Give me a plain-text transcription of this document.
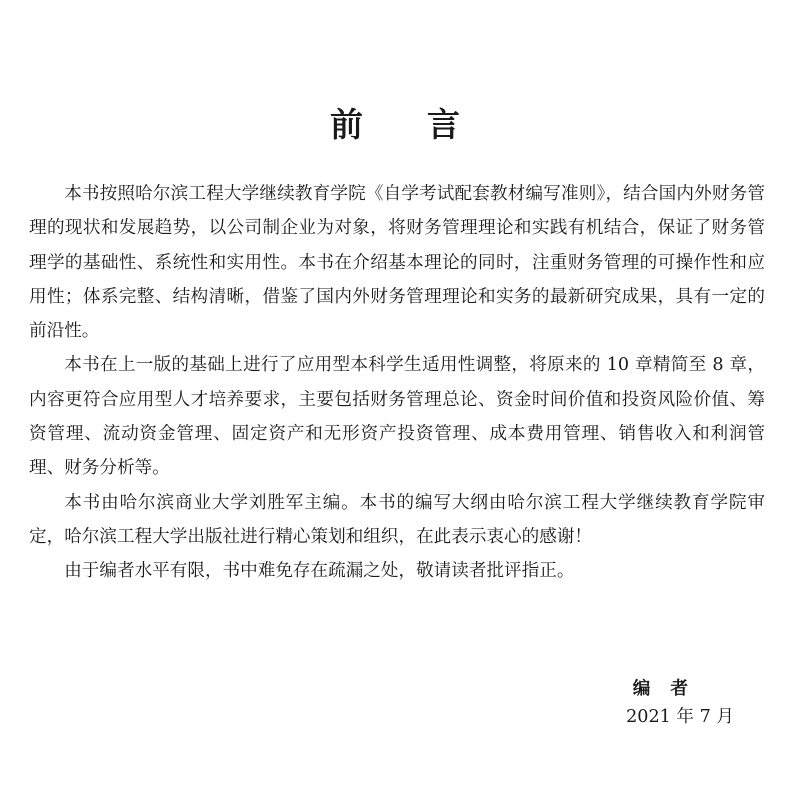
前言

本书按照哈尔滨工程大学继续教育学院《自学考试配套教材编写准则》，结合国内外财务管理的现状和发展趋势，以公司制企业为对象，将财务管理理论和实践有机结合，保证了财务管理学的基础性、系统性和实用性。本书在介绍基本理论的同时，注重财务管理的可操作性和应用性；体系完整、结构清晰，借鉴了国内外财务管理理论和实务的最新研究成果，具有一定的前沿性。

本书在上一版的基础上进行了应用型本科学生适用性调整，将原来的 10 章精简至 8 章，内容更符合应用型人才培养要求，主要包括财务管理总论、资金时间价值和投资风险价值、筹资管理、流动资金管理、固定资产和无形资产投资管理、成本费用管理、销售收入和利润管理、财务分析等。

本书由哈尔滨商业大学刘胜军主编。本书的编写大纲由哈尔滨工程大学继续教育学院审定，哈尔滨工程大学出版社进行精心策划和组织，在此表示衷心的感谢！

由于编者水平有限，书中难免存在疏漏之处，敬请读者批评指正。

编者
2021 年 7 月
